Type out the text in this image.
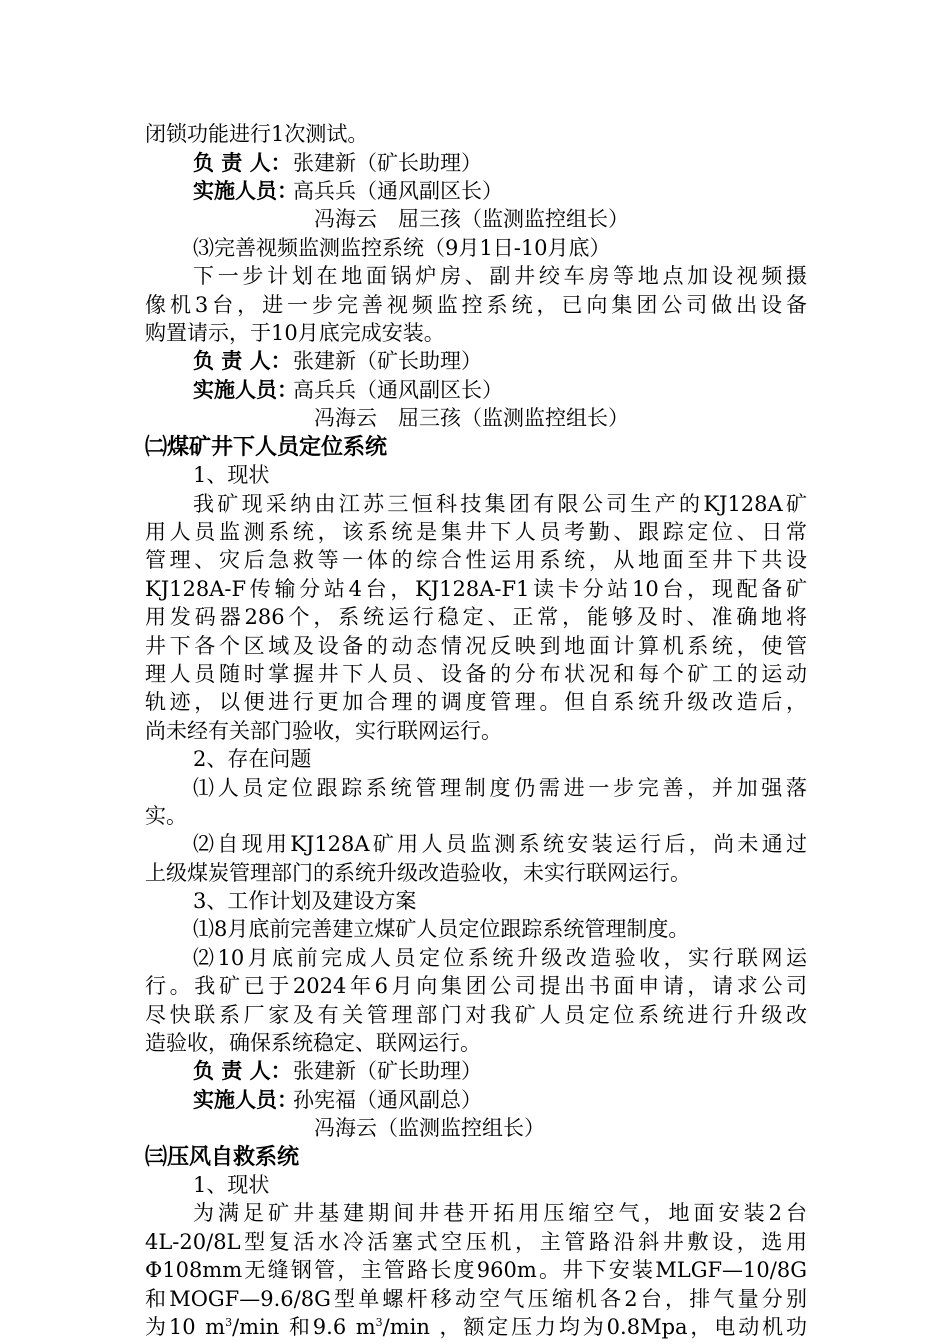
闭锁功能进行1次测试。
负 责 人：张建新（矿长助理）
实施人员：高兵兵（通风副区长）
冯海云　屈三孩（监测监控组长）
⑶完善视频监测监控系统（9月1日-10月底）
下一步计划在地面锅炉房、副井绞车房等地点加设视频摄
像机3台，进一步完善视频监控系统，已向集团公司做出设备
购置请示，于10月底完成安装。
负 责 人：张建新（矿长助理）
实施人员：高兵兵（通风副区长）
冯海云　屈三孩（监测监控组长）
㈡煤矿井下人员定位系统
1、现状
我矿现采纳由江苏三恒科技集团有限公司生产的KJ128A矿
用人员监测系统，该系统是集井下人员考勤、跟踪定位、日常
管理、灾后急救等一体的综合性运用系统，从地面至井下共设
KJ128A-F传输分站4台，KJ128A-F1读卡分站10台，现配备矿
用发码器286个，系统运行稳定、正常，能够及时、准确地将
井下各个区域及设备的动态情况反映到地面计算机系统，使管
理人员随时掌握井下人员、设备的分布状况和每个矿工的运动
轨迹，以便进行更加合理的调度管理。但自系统升级改造后，
尚未经有关部门验收，实行联网运行。
2、存在问题
⑴人员定位跟踪系统管理制度仍需进一步完善，并加强落
实。
⑵自现用KJ128A矿用人员监测系统安装运行后，尚未通过
上级煤炭管理部门的系统升级改造验收，未实行联网运行。
3、工作计划及建设方案
⑴8月底前完善建立煤矿人员定位跟踪系统管理制度。
⑵10月底前完成人员定位系统升级改造验收，实行联网运
行。我矿已于2024年6月向集团公司提出书面申请，请求公司
尽快联系厂家及有关管理部门对我矿人员定位系统进行升级改
造验收，确保系统稳定、联网运行。
负 责 人：张建新（矿长助理）
实施人员：孙宪福（通风副总）
冯海云（监测监控组长）
㈢压风自救系统
1、现状
为满足矿井基建期间井巷开拓用压缩空气，地面安装2台
4L-20/8L型复活水冷活塞式空压机，主管路沿斜井敷设，选用
Φ108mm无缝钢管，主管路长度960m。井下安装MLGF—10/8G
和MOGF—9.6/8G型单螺杆移动空气压缩机各2台，排气量分别
为10 $m^3/\min$ 和9.6 $m^3/\min$ ，额定压力均为0.8Mpa，电动机功
